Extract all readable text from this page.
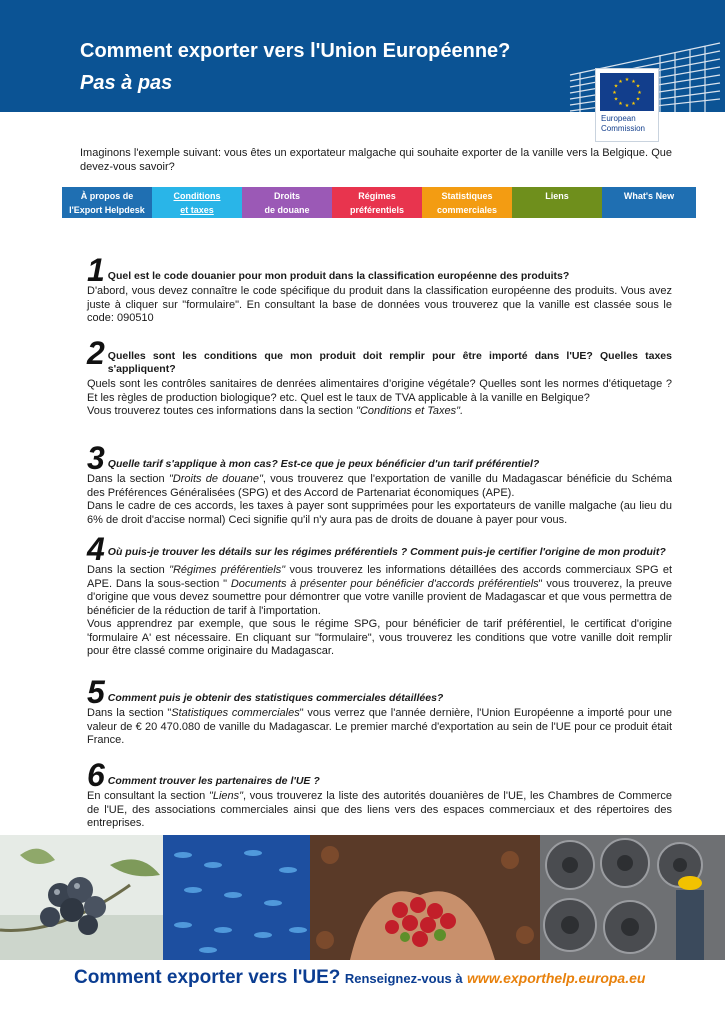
Comment exporter vers l'Union Européenne?
Pas à pas	★ ★
★
★
★
★
★
★
★
★
★
★
European
Commission
Imaginons l'exemple suivant: vous êtes un exportateur malgache qui souhaite exporter de la vanille vers la Belgique. Que devez-vous savoir?
À propos de
l'Export Helpdesk
Conditions
et taxes
Droits
de douane
Régimes
préférentiels
Statistiques
commerciales
Liens	What's New
1 Quel est le code douanier pour mon produit dans la classification européenne des produits?
D'abord, vous devez connaître le code spécifique du produit dans la classification européenne des produits. Vous avez juste à cliquer sur "formulaire". En consultant la base de données vous trouverez que la vanille est classée sous le code: 090510
2 Quelles sont les conditions que mon produit doit remplir pour être importé dans l'UE? Quelles taxes s'appliquent?
Quels sont les contrôles sanitaires de denrées alimentaires d’origine végétale? Quelles sont les normes d'étiquetage ? Et les règles de production biologique? etc. Quel est le taux de TVA applicable à la vanille en Belgique?
Vous trouverez toutes ces informations dans la section "Conditions et Taxes".
3 Quelle tarif s'applique à mon cas? Est-ce que je peux bénéficier d'un tarif préférentiel?
Dans la section "Droits de douane", vous trouverez que l'exportation de vanille du Madagascar bénéficie du Schéma des Préférences Généralisées (SPG) et des Accord de Partenariat économiques (APE).
Dans le cadre de ces accords, les taxes à payer sont supprimées pour les exportateurs de vanille malgache (au lieu du 6% de droit d'accise normal) Ceci signifie qu'il n'y aura pas de droits de douane à payer pour vous.
4 Où puis-je trouver les détails sur les régimes préférentiels ? Comment puis-je certifier l'origine de mon produit?
Dans la section "Régimes préférentiels" vous trouverez les informations détaillées des accords commerciaux SPG et APE. Dans la sous-section " Documents à présenter pour bénéficier d'accords préférentiels" vous trouverez, la preuve d'origine que vous devez soumettre pour démontrer que votre vanille provient de Madagascar et que vous permettra de bénéficier de la réduction de tarif à l'importation.
Vous apprendrez par exemple, que sous le régime SPG, pour bénéficier de tarif préférentiel, le certificat d'origine 'formulaire A' est nécessaire. En cliquant sur "formulaire", vous trouverez les conditions que votre vanille doit remplir pour être classé comme originaire du Madagascar.
5 Comment puis je obtenir des statistiques commerciales détaillées?
Dans la section "Statistiques commerciales" vous verrez que l'année dernière, l'Union Européenne a importé pour une valeur de € 20 470.080 de vanille du Madagascar. Le premier marché d'exportation au sein de l'UE pour ce produit était France.
6 Comment trouver les partenaires de l'UE ?
En consultant la section "Liens", vous trouverez la liste des autorités douanières de l'UE, les Chambres de Commerce de l'UE, des associations commerciales ainsi que des liens vers des espaces commerciaux et des répertoires des entreprises.
Comment exporter vers l'UE? Renseignez-vous à www.exporthelp.europa.eu
